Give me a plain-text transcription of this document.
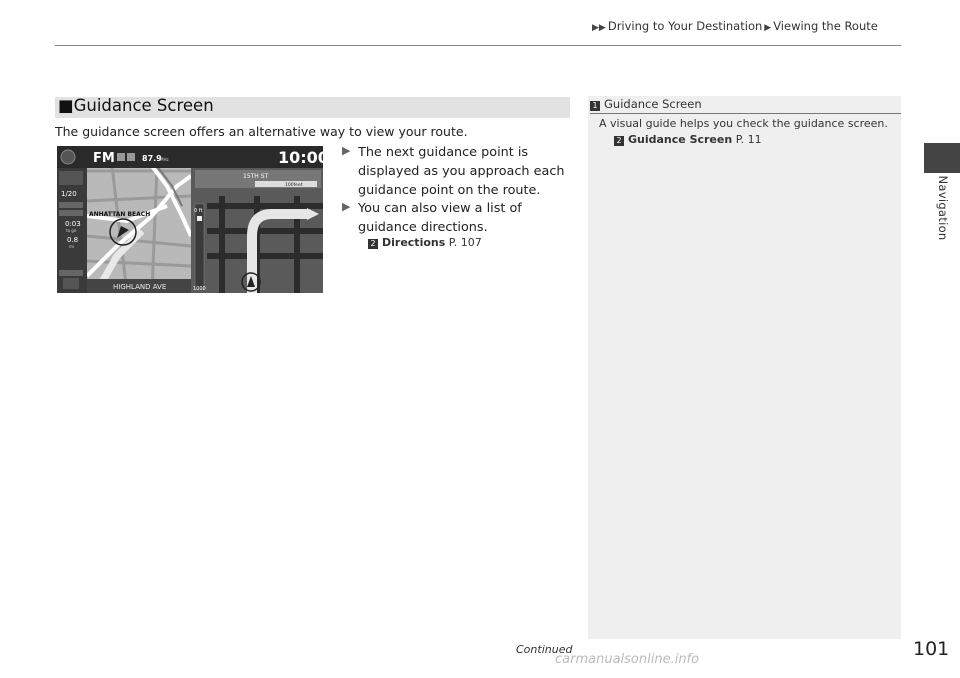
▶▶ Driving to Your Destination ▶ Viewing the Route
Navigation
■Guidance Screen
The guidance screen offers an alternative way to view your route.
▶ The next guidance point is
displayed as you approach each
guidance point on the route.
▶ You can also view a list of
guidance directions.
2 Directions P. 107
FM	87.9
MHz	10:00
1/20
0:03
to go
0.8
mi
ANHATTAN BEACH
HIGHLAND AVE
15TH ST
100feet
0 ft
1000
1 Guidance Screen
A visual guide helps you check the guidance screen.
2 Guidance Screen P. 11
Continued	101
carmanualsonline.info
